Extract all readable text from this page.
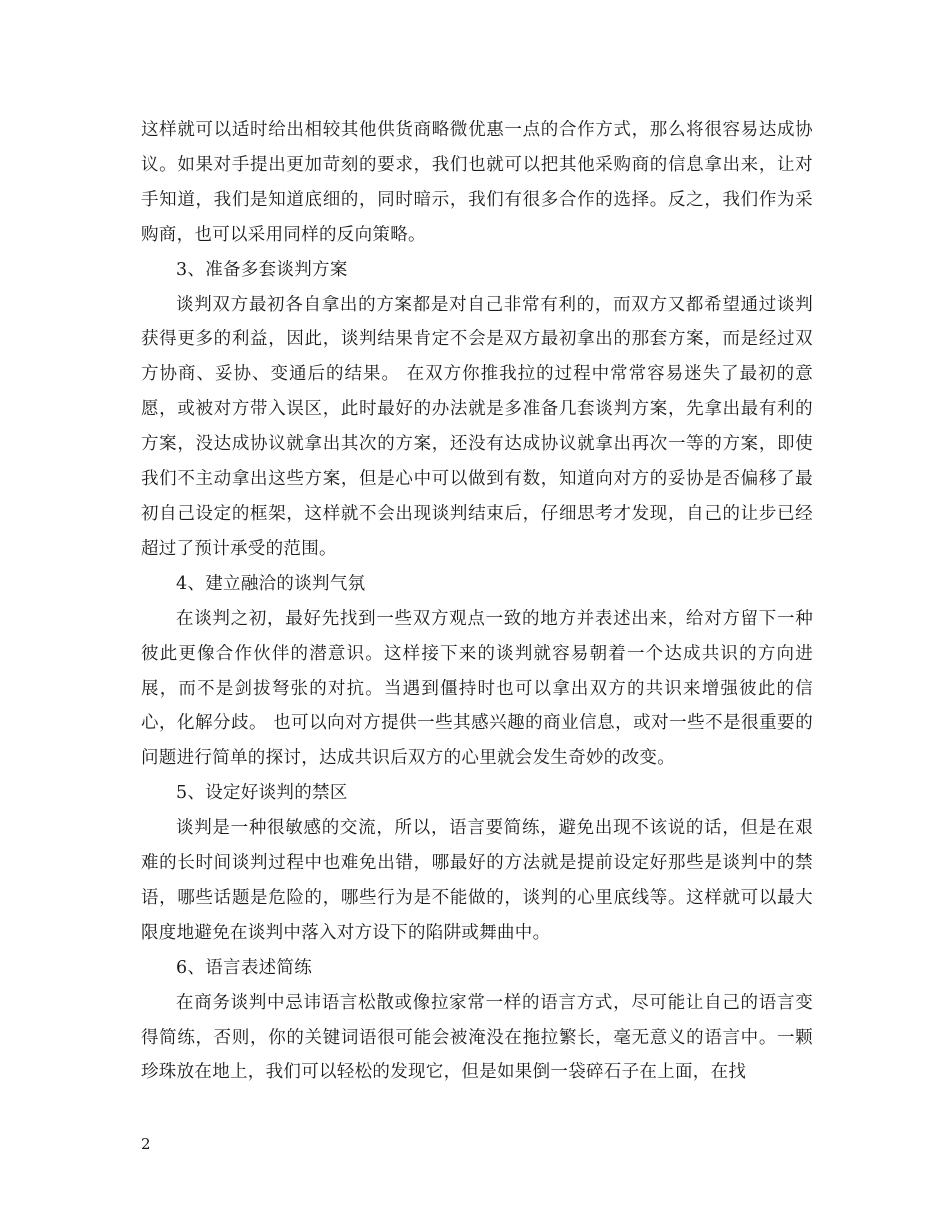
这样就可以适时给出相较其他供货商略微优惠一点的合作方式，那么将很容易达成协议。如果对手提出更加苛刻的要求，我们也就可以把其他采购商的信息拿出来，让对手知道，我们是知道底细的，同时暗示，我们有很多合作的选择。反之，我们作为采购商，也可以采用同样的反向策略。

3、准备多套谈判方案

谈判双方最初各自拿出的方案都是对自己非常有利的，而双方又都希望通过谈判获得更多的利益，因此，谈判结果肯定不会是双方最初拿出的那套方案，而是经过双方协商、妥协、变通后的结果。 在双方你推我拉的过程中常常容易迷失了最初的意愿，或被对方带入误区，此时最好的办法就是多准备几套谈判方案，先拿出最有利的方案，没达成协议就拿出其次的方案，还没有达成协议就拿出再次一等的方案，即使我们不主动拿出这些方案，但是心中可以做到有数，知道向对方的妥协是否偏移了最初自己设定的框架，这样就不会出现谈判结束后，仔细思考才发现，自己的让步已经超过了预计承受的范围。

4、建立融洽的谈判气氛

在谈判之初，最好先找到一些双方观点一致的地方并表述出来，给对方留下一种彼此更像合作伙伴的潜意识。这样接下来的谈判就容易朝着一个达成共识的方向进展，而不是剑拔弩张的对抗。当遇到僵持时也可以拿出双方的共识来增强彼此的信心，化解分歧。 也可以向对方提供一些其感兴趣的商业信息，或对一些不是很重要的问题进行简单的探讨，达成共识后双方的心里就会发生奇妙的改变。

5、设定好谈判的禁区

谈判是一种很敏感的交流，所以，语言要简练，避免出现不该说的话，但是在艰难的长时间谈判过程中也难免出错，哪最好的方法就是提前设定好那些是谈判中的禁语，哪些话题是危险的，哪些行为是不能做的，谈判的心里底线等。这样就可以最大限度地避免在谈判中落入对方设下的陷阱或舞曲中。

6、语言表述简练

在商务谈判中忌讳语言松散或像拉家常一样的语言方式，尽可能让自己的语言变得简练，否则，你的关键词语很可能会被淹没在拖拉繁长，毫无意义的语言中。一颗珍珠放在地上，我们可以轻松的发现它，但是如果倒一袋碎石子在上面，在找

2
